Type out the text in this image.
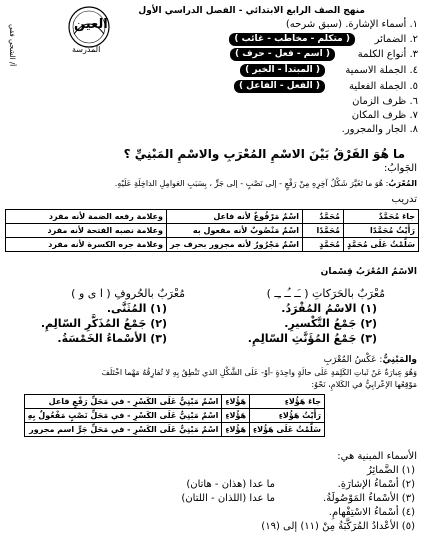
منهج الصف الرابع الابتدائي - الفصل الدراسي الأول
أ/ الشحي فقي	العين
المدرسة
١. أسماء الإشارة. (سبق شرحه)
٢. الضمائر
( متكلم - مخاطب - غائب )
٣. أنواع الكلمة
( اسم - فعل - حرف )
٤. الجملة الاسمية
( المبتدأ - الخبر )
٥. الجملة الفعلية
( الفعل - الفاعل )
٦. ظرف الزمان
٧. ظرف المكان
٨. الجار والمجرور.
ما هُوَ الفَرْقُ بَيْنَ الاسْمِ المُعْرَبِ والاسْمِ المَبْنِيِّ ؟
الجَوابُ:
المُعْرَبُ: هُوَ ما تَغَيَّرَ شَكْلُ آخِرِهِ مِنْ رَفْعٍ - إلى نَصْبٍ - إلى جَرٍّ ، بِسَبَبِ العَوامِلِ الداخِلَةِ عَلَيْهِ.
تدريب
جاءَ مُحَمَّدٌ	مُحَمَّدٌ	اسْمٌ مَرْفُوعٌ لأنه فاعل	وعلامة رفعه الضمة لأنه مفرد
رَأَيْتُ مُحَمَّدًا	مُحَمَّدًا	اسْمٌ مَنْصُوبٌ لأنه مفعول به	وعلامة نصبه الفتحة لأنه مفرد
سَلَّمْتُ عَلَى مُحَمَّدٍ	مُحَمَّدٍ	اسْمٌ مَجْرُورٌ لأنه مجرور بحرف جر	وعلامة جره الكسرة لأنه مفرد
الاسْمُ المُعْرَبُ قِسْمان
مُعْرَبٌ بالحَرَكاتِ ( ـَـ ـُـ ـِـ )
(١) الاسْمُ المُفْرَدُ.
(٢) جَمْعُ التَّكْسيرِ.
(٣) جَمْعُ المُؤَنَّثِ السّالِمِ.
مُعْرَبٌ بالحُروفِ ( ا ى و )
(١) المُثَنَّى.
(٢) جَمْعُ المُذَكَّرِ السّالِمِ.
(٣) الأسْماءُ الخَمْسَةُ.
والمَبْنِيُّ: عَكْسُ المُعْرَبِ
وَهُوَ عِبارَةٌ عَنْ ثَباتِ الكَلِمَةِ عَلَى حالَةٍ واحِدَةٍ -أوْ- عَلَى الشَّكْلِ الذي تَنْطِقُ بِهِ لا تُفارِقُهُ مَهْما اخْتَلَفَ
مَوْقِعُها الإعْرابِيُّ في الكَلامِ، نَحْوُ:
جاءَ هَؤُلاءِ	هَؤُلاءِ	اسْمٌ مَبْنِيٌّ عَلَى الكَسْرِ - في مَحَلِّ رَفْعٍ فاعل
رَأَيْتُ هَؤُلاءِ	هَؤُلاءِ	اسْمٌ مَبْنِيٌّ عَلَى الكَسْرِ - في مَحَلِّ نَصْبٍ مَفْعُولٌ بِهِ
سَلَّمْتُ عَلَى هَؤُلاءِ	هَؤُلاءِ	اسْمٌ مَبْنِيٌّ عَلَى الكَسْرِ - في مَحَلِّ جَرٍّ اسم مجرور
الأسماء المبنية هي:
(١) الضَّمائِرُ
(٢) أسْماءُ الإشارَةِ.
ما عدا (هذان - هاتان)
(٣) الأسْماءُ المَوْصُولَةُ.
ما عدا (اللذان - اللتان)
(٤) أسْماءُ الاسْتِفْهامِ.
(٥) الأعْدادُ المُرَكَّبَةُ مِنْ (١١) إلى (١٩)
